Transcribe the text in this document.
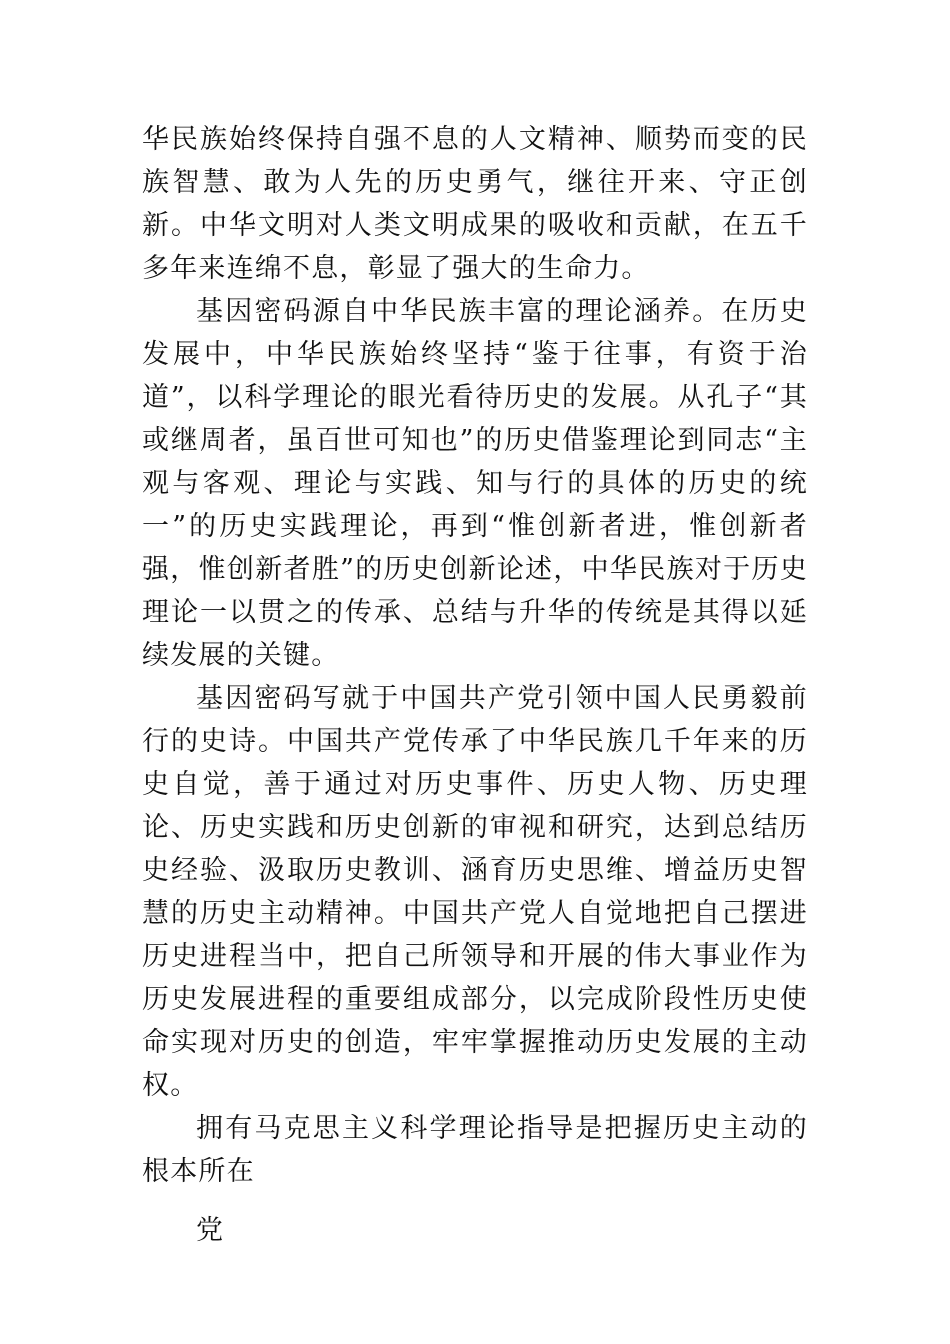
华民族始终保持自强不息的人文精神、顺势而变的民族智慧、敢为人先的历史勇气，继往开来、守正创新。中华文明对人类文明成果的吸收和贡献，在五千多年来连绵不息，彰显了强大的生命力。

基因密码源自中华民族丰富的理论涵养。在历史发展中，中华民族始终坚持“鉴于往事，有资于治道”，以科学理论的眼光看待历史的发展。从孔子“其或继周者，虽百世可知也”的历史借鉴理论到同志“主观与客观、理论与实践、知与行的具体的历史的统一”的历史实践理论，再到“惟创新者进，惟创新者强，惟创新者胜”的历史创新论述，中华民族对于历史理论一以贯之的传承、总结与升华的传统是其得以延续发展的关键。

基因密码写就于中国共产党引领中国人民勇毅前行的史诗。中国共产党传承了中华民族几千年来的历史自觉，善于通过对历史事件、历史人物、历史理论、历史实践和历史创新的审视和研究，达到总结历史经验、汲取历史教训、涵育历史思维、增益历史智慧的历史主动精神。中国共产党人自觉地把自己摆进历史进程当中，把自己所领导和开展的伟大事业作为历史发展进程的重要组成部分，以完成阶段性历史使命实现对历史的创造，牢牢掌握推动历史发展的主动权。

拥有马克思主义科学理论指导是把握历史主动的根本所在

党
